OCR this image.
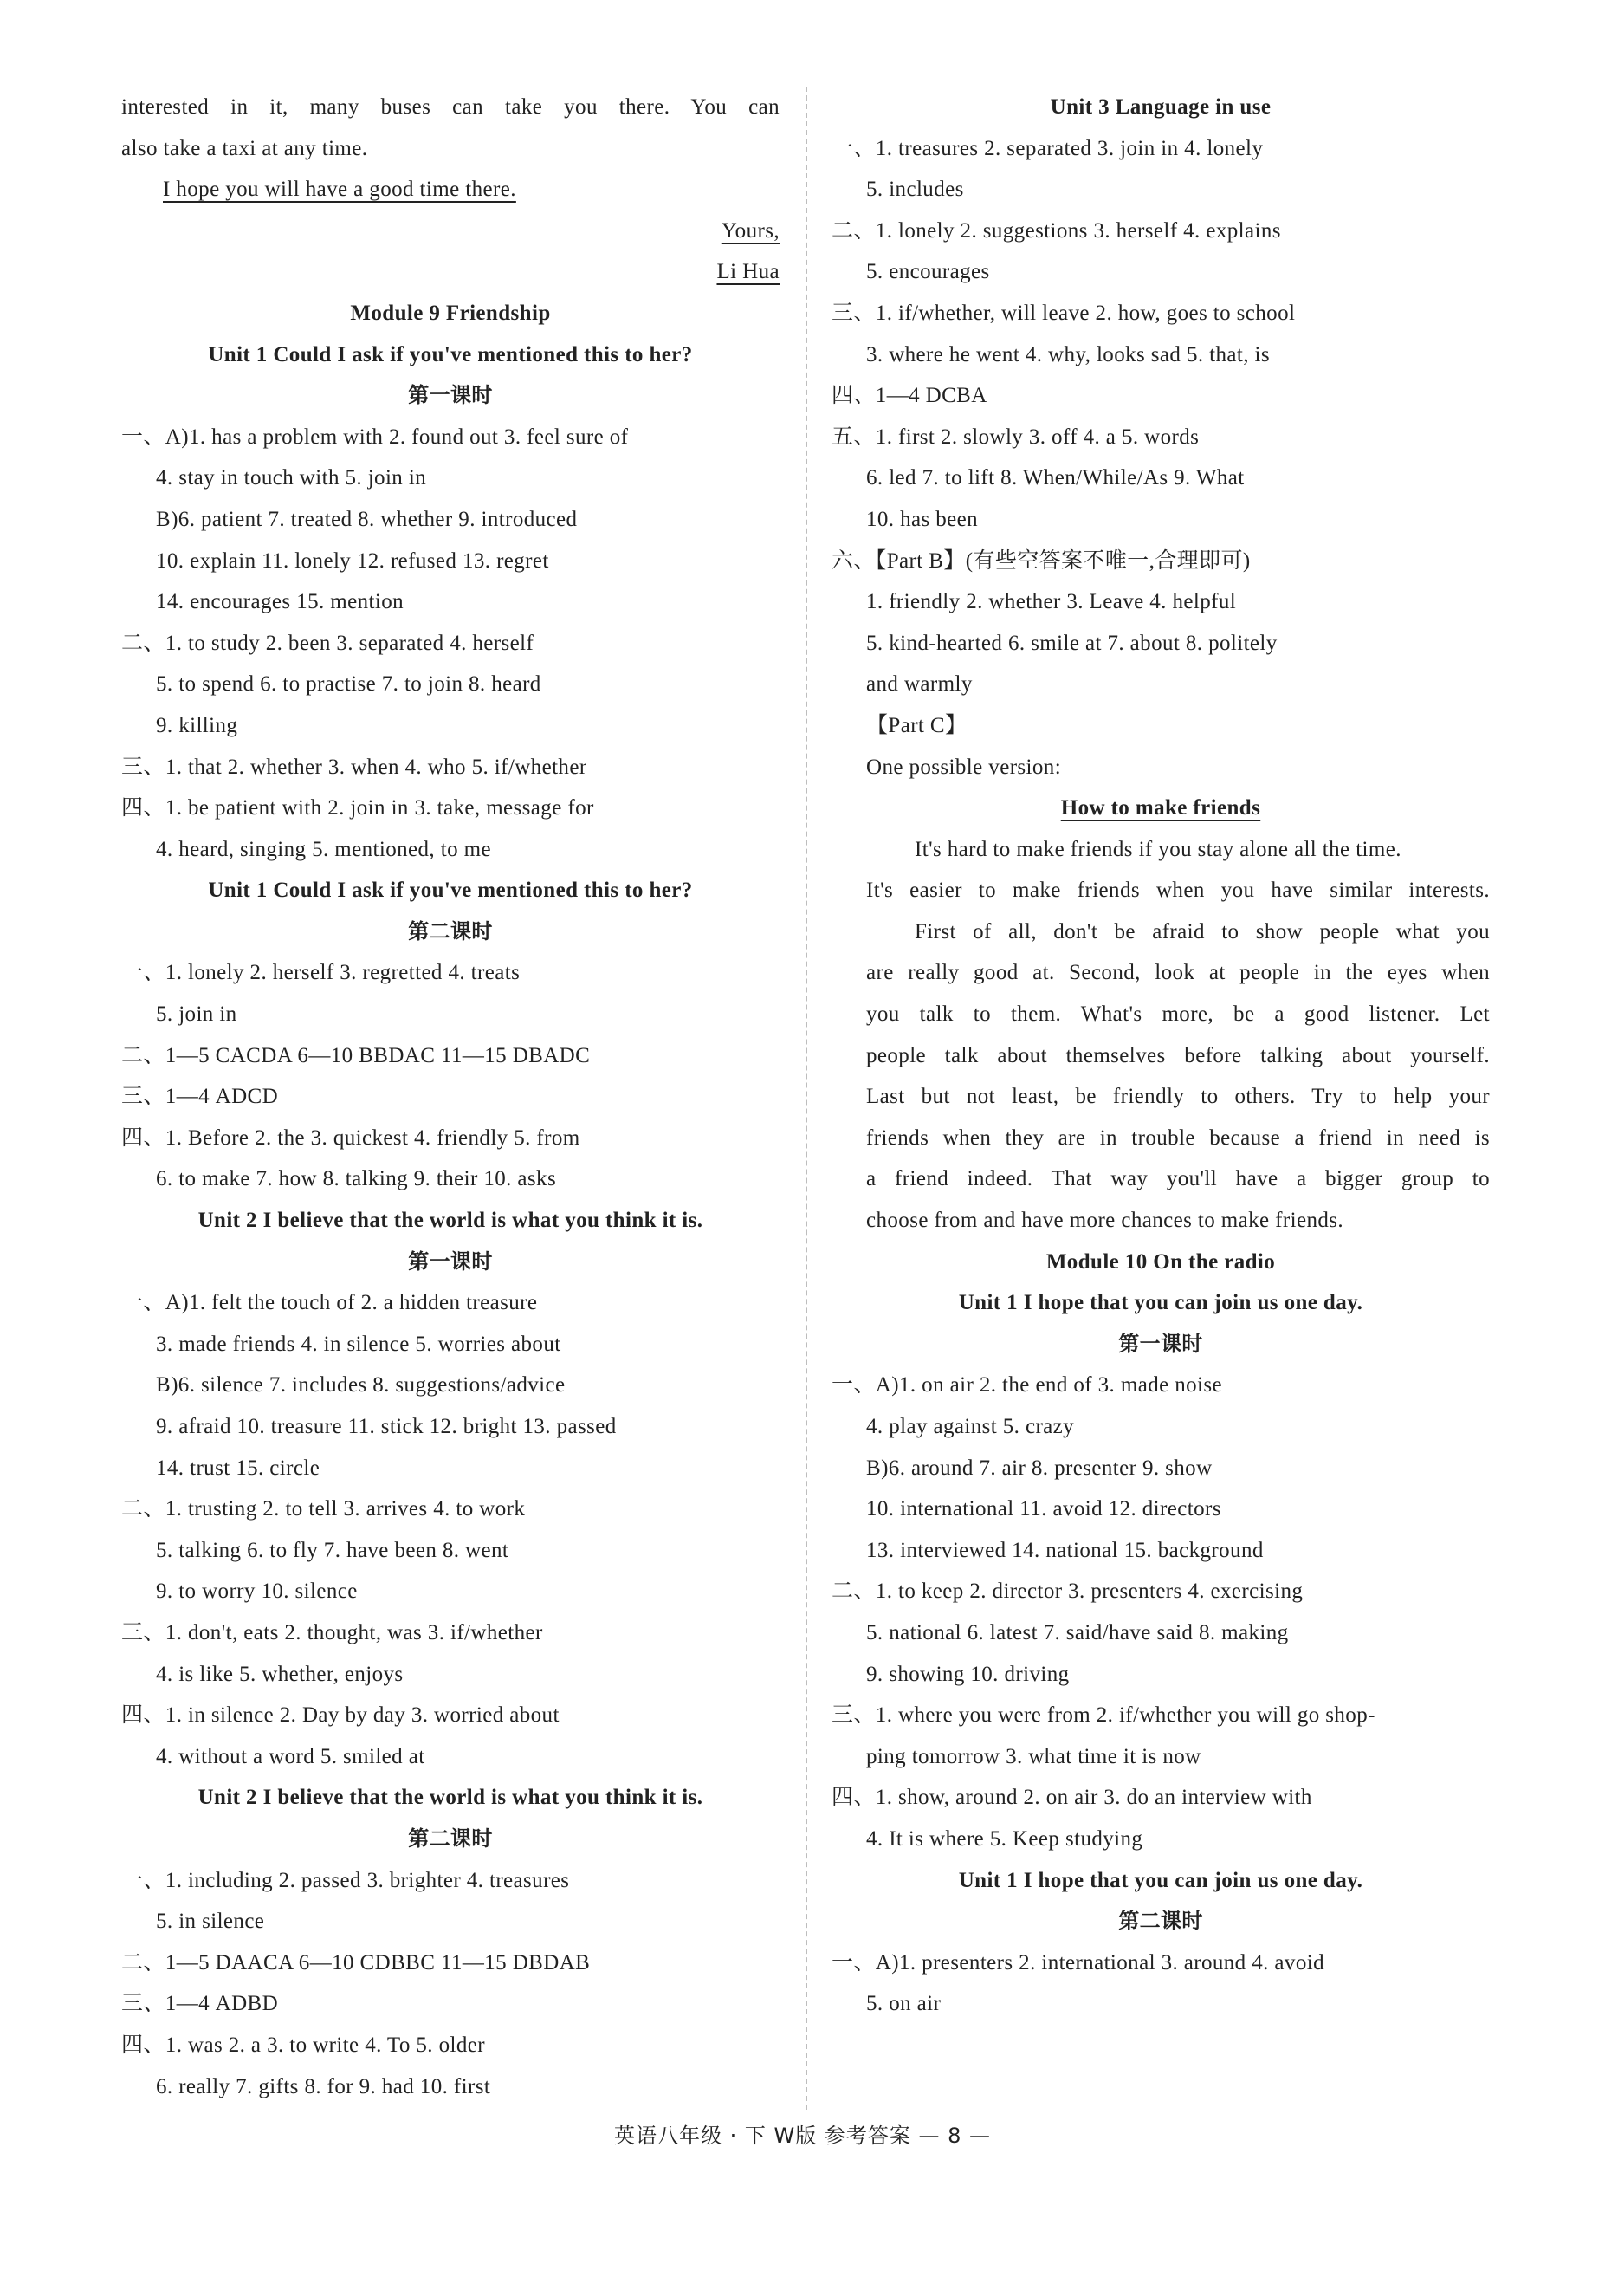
interested in it, many buses can take you there. You can
also take a taxi at any time.
I hope you will have a good time there.
Yours,
Li Hua
Module 9 Friendship
Unit 1 Could I ask if you've mentioned this to her?
第一课时
一、A)1. has a problem with 2. found out 3. feel sure of
4. stay in touch with 5. join in
B)6. patient 7. treated 8. whether 9. introduced
10. explain 11. lonely 12. refused 13. regret
14. encourages 15. mention
二、1. to study 2. been 3. separated 4. herself
5. to spend 6. to practise 7. to join 8. heard
9. killing
三、1. that 2. whether 3. when 4. who 5. if/whether
四、1. be patient with 2. join in 3. take, message for
4. heard, singing 5. mentioned, to me
Unit 1 Could I ask if you've mentioned this to her?
第二课时
一、1. lonely 2. herself 3. regretted 4. treats
5. join in
二、1—5 CACDA 6—10 BBDAC 11—15 DBADC
三、1—4 ADCD
四、1. Before 2. the 3. quickest 4. friendly 5. from
6. to make 7. how 8. talking 9. their 10. asks
Unit 2 I believe that the world is what you think it is.
第一课时
一、A)1. felt the touch of 2. a hidden treasure
3. made friends 4. in silence 5. worries about
B)6. silence 7. includes 8. suggestions/advice
9. afraid 10. treasure 11. stick 12. bright 13. passed
14. trust 15. circle
二、1. trusting 2. to tell 3. arrives 4. to work
5. talking 6. to fly 7. have been 8. went
9. to worry 10. silence
三、1. don't, eats 2. thought, was 3. if/whether
4. is like 5. whether, enjoys
四、1. in silence 2. Day by day 3. worried about
4. without a word 5. smiled at
Unit 2 I believe that the world is what you think it is.
第二课时
一、1. including 2. passed 3. brighter 4. treasures
5. in silence
二、1—5 DAACA 6—10 CDBBC 11—15 DBDAB
三、1—4 ADBD
四、1. was 2. a 3. to write 4. To 5. older
6. really 7. gifts 8. for 9. had 10. first
Unit 3 Language in use
一、1. treasures 2. separated 3. join in 4. lonely
5. includes
二、1. lonely 2. suggestions 3. herself 4. explains
5. encourages
三、1. if/whether, will leave 2. how, goes to school
3. where he went 4. why, looks sad 5. that, is
四、1—4 DCBA
五、1. first 2. slowly 3. off 4. a 5. words
6. led 7. to lift 8. When/While/As 9. What
10. has been
六、【Part B】(有些空答案不唯一,合理即可)
1. friendly 2. whether 3. Leave 4. helpful
5. kind-hearted 6. smile at 7. about 8. politely
and warmly
【Part C】
One possible version:
How to make friends
It's hard to make friends if you stay alone all the time.
It's easier to make friends when you have similar interests.
First of all, don't be afraid to show people what you
are really good at. Second, look at people in the eyes when
you talk to them. What's more, be a good listener. Let
people talk about themselves before talking about yourself.
Last but not least, be friendly to others. Try to help your
friends when they are in trouble because a friend in need is
a friend indeed. That way you'll have a bigger group to
choose from and have more chances to make friends.
Module 10 On the radio
Unit 1 I hope that you can join us one day.
第一课时
一、A)1. on air 2. the end of 3. made noise
4. play against 5. crazy
B)6. around 7. air 8. presenter 9. show
10. international 11. avoid 12. directors
13. interviewed 14. national 15. background
二、1. to keep 2. director 3. presenters 4. exercising
5. national 6. latest 7. said/have said 8. making
9. showing 10. driving
三、1. where you were from 2. if/whether you will go shop-
ping tomorrow 3. what time it is now
四、1. show, around 2. on air 3. do an interview with
4. It is where 5. Keep studying
Unit 1 I hope that you can join us one day.
第二课时
一、A)1. presenters 2. international 3. around 4. avoid
5. on air
英语八年级 · 下 W版 参考答案 — 8 —
